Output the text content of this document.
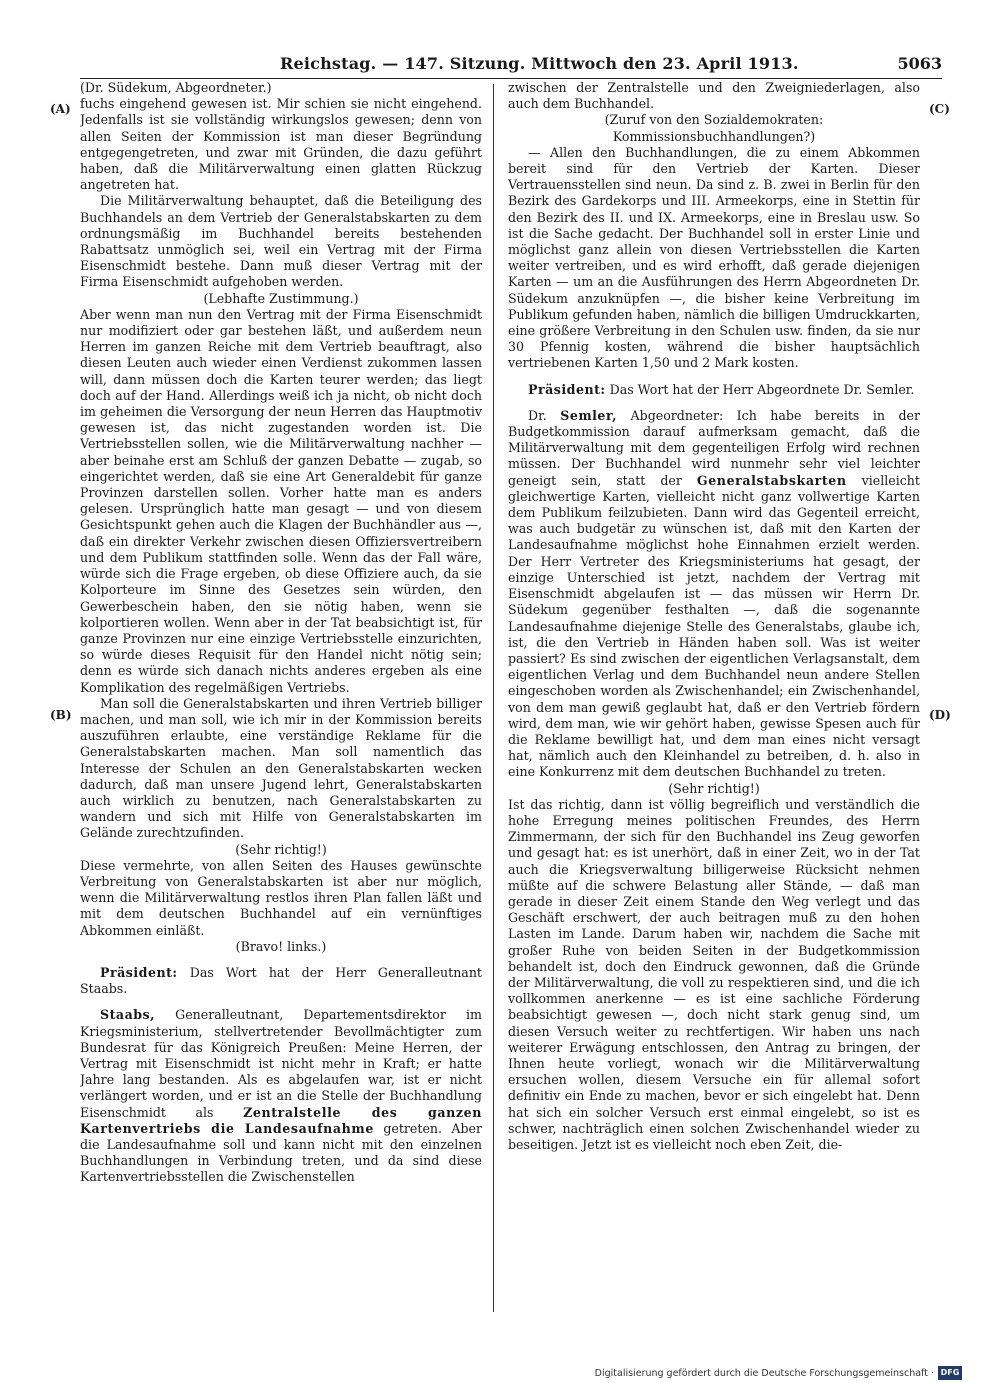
Reichstag. — 147. Sitzung. Mittwoch den 23. April 1913.	5063
(A)
(B)
(C)
(D)

(Dr. Südekum, Abgeordneter.)

fuchs eingehend gewesen ist. Mir schien sie nicht eingehend. Jedenfalls ist sie vollständig wirkungslos gewesen; denn von allen Seiten der Kommission ist man dieser Begründung entgegengetreten, und zwar mit Gründen, die dazu geführt haben, daß die Militärverwaltung einen glatten Rückzug angetreten hat.

Die Militärverwaltung behauptet, daß die Beteiligung des Buchhandels an dem Vertrieb der Generalstabskarten zu dem ordnungsmäßig im Buchhandel bereits bestehenden Rabattsatz unmöglich sei, weil ein Vertrag mit der Firma Eisenschmidt bestehe. Dann muß dieser Vertrag mit der Firma Eisenschmidt aufgehoben werden.

(Lebhafte Zustimmung.)

Aber wenn man nun den Vertrag mit der Firma Eisenschmidt nur modifiziert oder gar bestehen läßt, und außerdem neun Herren im ganzen Reiche mit dem Vertrieb beauftragt, also diesen Leuten auch wieder einen Verdienst zukommen lassen will, dann müssen doch die Karten teurer werden; das liegt doch auf der Hand. Allerdings weiß ich ja nicht, ob nicht doch im geheimen die Versorgung der neun Herren das Hauptmotiv gewesen ist, das nicht zugestanden worden ist. Die Vertriebsstellen sollen, wie die Militärverwaltung nachher — aber beinahe erst am Schluß der ganzen Debatte — zugab, so eingerichtet werden, daß sie eine Art Generaldebit für ganze Provinzen darstellen sollen. Vorher hatte man es anders gelesen. Ursprünglich hatte man gesagt — und von diesem Gesichtspunkt gehen auch die Klagen der Buchhändler aus —, daß ein direkter Verkehr zwischen diesen Offiziersvertreibern und dem Publikum stattfinden solle. Wenn das der Fall wäre, würde sich die Frage ergeben, ob diese Offiziere auch, da sie Kolporteure im Sinne des Gesetzes sein würden, den Gewerbeschein haben, den sie nötig haben, wenn sie kolportieren wollen. Wenn aber in der Tat beabsichtigt ist, für ganze Provinzen nur eine einzige Vertriebsstelle einzurichten, so würde dieses Requisit für den Handel nicht nötig sein; denn es würde sich danach nichts anderes ergeben als eine Komplikation des regelmäßigen Vertriebs.

Man soll die Generalstabskarten und ihren Vertrieb billiger machen, und man soll, wie ich mir in der Kommission bereits auszuführen erlaubte, eine verständige Reklame für die Generalstabskarten machen. Man soll namentlich das Interesse der Schulen an den Generalstabskarten wecken dadurch, daß man unsere Jugend lehrt, Generalstabskarten auch wirklich zu benutzen, nach Generalstabskarten zu wandern und sich mit Hilfe von Generalstabskarten im Gelände zurechtzufinden.

(Sehr richtig!)

Diese vermehrte, von allen Seiten des Hauses gewünschte Verbreitung von Generalstabskarten ist aber nur möglich, wenn die Militärverwaltung restlos ihren Plan fallen läßt und mit dem deutschen Buchhandel auf ein vernünftiges Abkommen einläßt.

(Bravo! links.)

Präsident: Das Wort hat der Herr Generalleutnant Staabs.

Staabs, Generalleutnant, Departementsdirektor im Kriegsministerium, stellvertretender Bevollmächtigter zum Bundesrat für das Königreich Preußen: Meine Herren, der Vertrag mit Eisenschmidt ist nicht mehr in Kraft; er hatte Jahre lang bestanden. Als es abgelaufen war, ist er nicht verlängert worden, und er ist an die Stelle der Buchhandlung Eisenschmidt als Zentralstelle des ganzen Kartenvertriebs die Landesaufnahme getreten. Aber die Landesaufnahme soll und kann nicht mit den einzelnen Buchhandlungen in Verbindung treten, und da sind diese Kartenvertriebsstellen die Zwischenstellen

zwischen der Zentralstelle und den Zweigniederlagen, also auch dem Buchhandel.

(Zuruf von den Sozialdemokraten: Kommissionsbuchhandlungen?)

— Allen den Buchhandlungen, die zu einem Abkommen bereit sind für den Vertrieb der Karten. Dieser Vertrauensstellen sind neun. Da sind z. B. zwei in Berlin für den Bezirk des Gardekorps und III. Armeekorps, eine in Stettin für den Bezirk des II. und IX. Armeekorps, eine in Breslau usw. So ist die Sache gedacht. Der Buchhandel soll in erster Linie und möglichst ganz allein von diesen Vertriebsstellen die Karten weiter vertreiben, und es wird erhofft, daß gerade diejenigen Karten — um an die Ausführungen des Herrn Abgeordneten Dr. Südekum anzuknüpfen —, die bisher keine Verbreitung im Publikum gefunden haben, nämlich die billigen Umdruckkarten, eine größere Verbreitung in den Schulen usw. finden, da sie nur 30 Pfennig kosten, während die bisher hauptsächlich vertriebenen Karten 1,50 und 2 Mark kosten.

Präsident: Das Wort hat der Herr Abgeordnete Dr. Semler.

Dr. Semler, Abgeordneter: Ich habe bereits in der Budgetkommission darauf aufmerksam gemacht, daß die Militärverwaltung mit dem gegenteiligen Erfolg wird rechnen müssen. Der Buchhandel wird nunmehr sehr viel leichter geneigt sein, statt der Generalstabskarten vielleicht gleichwertige Karten, vielleicht nicht ganz vollwertige Karten dem Publikum feilzubieten. Dann wird das Gegenteil erreicht, was auch budgetär zu wünschen ist, daß mit den Karten der Landesaufnahme möglichst hohe Einnahmen erzielt werden. Der Herr Vertreter des Kriegsministeriums hat gesagt, der einzige Unterschied ist jetzt, nachdem der Vertrag mit Eisenschmidt abgelaufen ist — das müssen wir Herrn Dr. Südekum gegenüber festhalten —, daß die sogenannte Landesaufnahme diejenige Stelle des Generalstabs, glaube ich, ist, die den Vertrieb in Händen haben soll. Was ist weiter passiert? Es sind zwischen der eigentlichen Verlagsanstalt, dem eigentlichen Verlag und dem Buchhandel neun andere Stellen eingeschoben worden als Zwischenhandel; ein Zwischenhandel, von dem man gewiß geglaubt hat, daß er den Vertrieb fördern wird, dem man, wie wir gehört haben, gewisse Spesen auch für die Reklame bewilligt hat, und dem man eines nicht versagt hat, nämlich auch den Kleinhandel zu betreiben, d. h. also in eine Konkurrenz mit dem deutschen Buchhandel zu treten.

(Sehr richtig!)

Ist das richtig, dann ist völlig begreiflich und verständlich die hohe Erregung meines politischen Freundes, des Herrn Zimmermann, der sich für den Buchhandel ins Zeug geworfen und gesagt hat: es ist unerhört, daß in einer Zeit, wo in der Tat auch die Kriegsverwaltung billigerweise Rücksicht nehmen müßte auf die schwere Belastung aller Stände, — daß man gerade in dieser Zeit einem Stande den Weg verlegt und das Geschäft erschwert, der auch beitragen muß zu den hohen Lasten im Lande. Darum haben wir, nachdem die Sache mit großer Ruhe von beiden Seiten in der Budgetkommission behandelt ist, doch den Eindruck gewonnen, daß die Gründe der Militärverwaltung, die voll zu respektieren sind, und die ich vollkommen anerkenne — es ist eine sachliche Förderung beabsichtigt gewesen —, doch nicht stark genug sind, um diesen Versuch weiter zu rechtfertigen. Wir haben uns nach weiterer Erwägung entschlossen, den Antrag zu bringen, der Ihnen heute vorliegt, wonach wir die Militärverwaltung ersuchen wollen, diesem Versuche ein für allemal sofort definitiv ein Ende zu machen, bevor er sich eingelebt hat. Denn hat sich ein solcher Versuch erst einmal eingelebt, so ist es schwer, nachträglich einen solchen Zwischenhandel wieder zu beseitigen. Jetzt ist es vielleicht noch eben Zeit, die-

Digitalisierung gefördert durch die Deutsche Forschungsgemeinschaft · DFG
